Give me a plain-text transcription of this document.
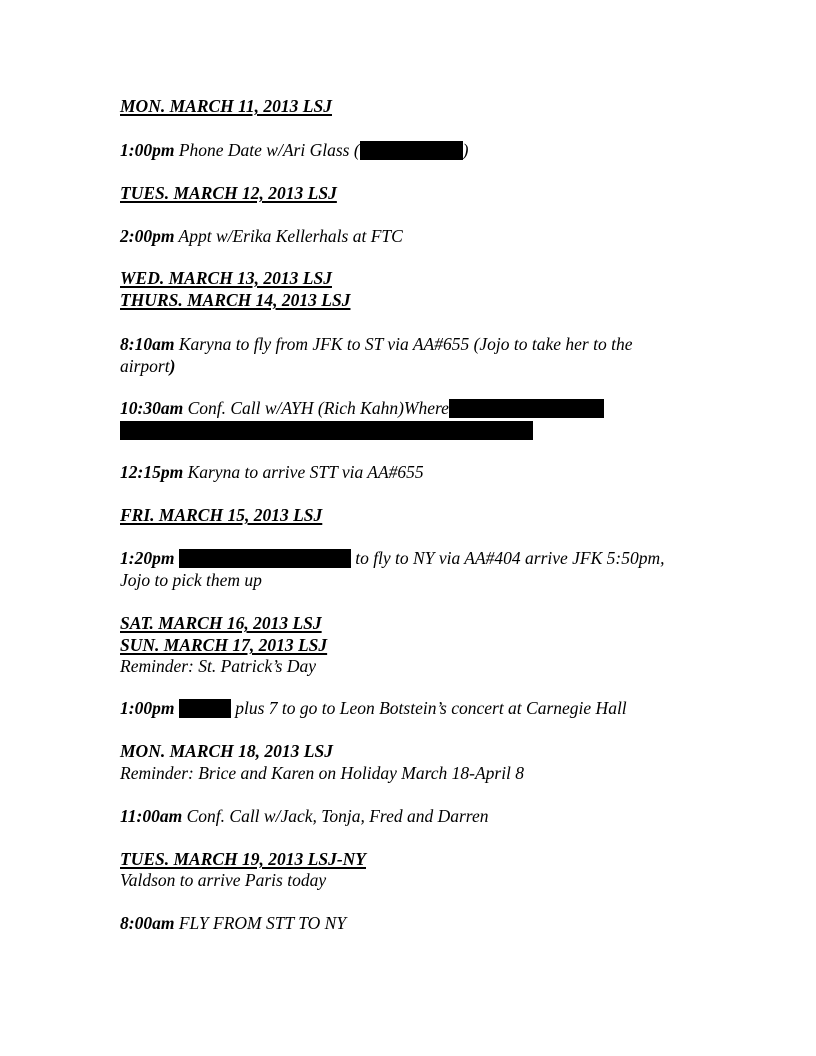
MON. MARCH 11, 2013 LSJ
1:00pm Phone Date w/Ari Glass (	)
TUES. MARCH 12, 2013 LSJ
2:00pm Appt w/Erika Kellerhals at FTC
WED. MARCH 13, 2013 LSJ
THURS. MARCH 14, 2013 LSJ
8:10am Karyna to fly from JFK to ST via AA#655 (Jojo to take her to the
airport)
10:30am Conf. Call w/AYH (Rich Kahn)Where
12:15pm Karyna to arrive STT via AA#655
FRI. MARCH 15, 2013 LSJ
1:20pm	to fly to NY via AA#404 arrive JFK 5:50pm,
Jojo to pick them up
SAT. MARCH 16, 2013 LSJ
SUN. MARCH 17, 2013 LSJ
Reminder: St. Patrick’s Day
1:00pm	plus 7 to go to Leon Botstein’s concert at Carnegie Hall
MON. MARCH 18, 2013 LSJ
Reminder: Brice and Karen on Holiday March 18-April 8
11:00am Conf. Call w/Jack, Tonja, Fred and Darren
TUES. MARCH 19, 2013 LSJ-NY
Valdson to arrive Paris today
8:00am FLY FROM STT TO NY
